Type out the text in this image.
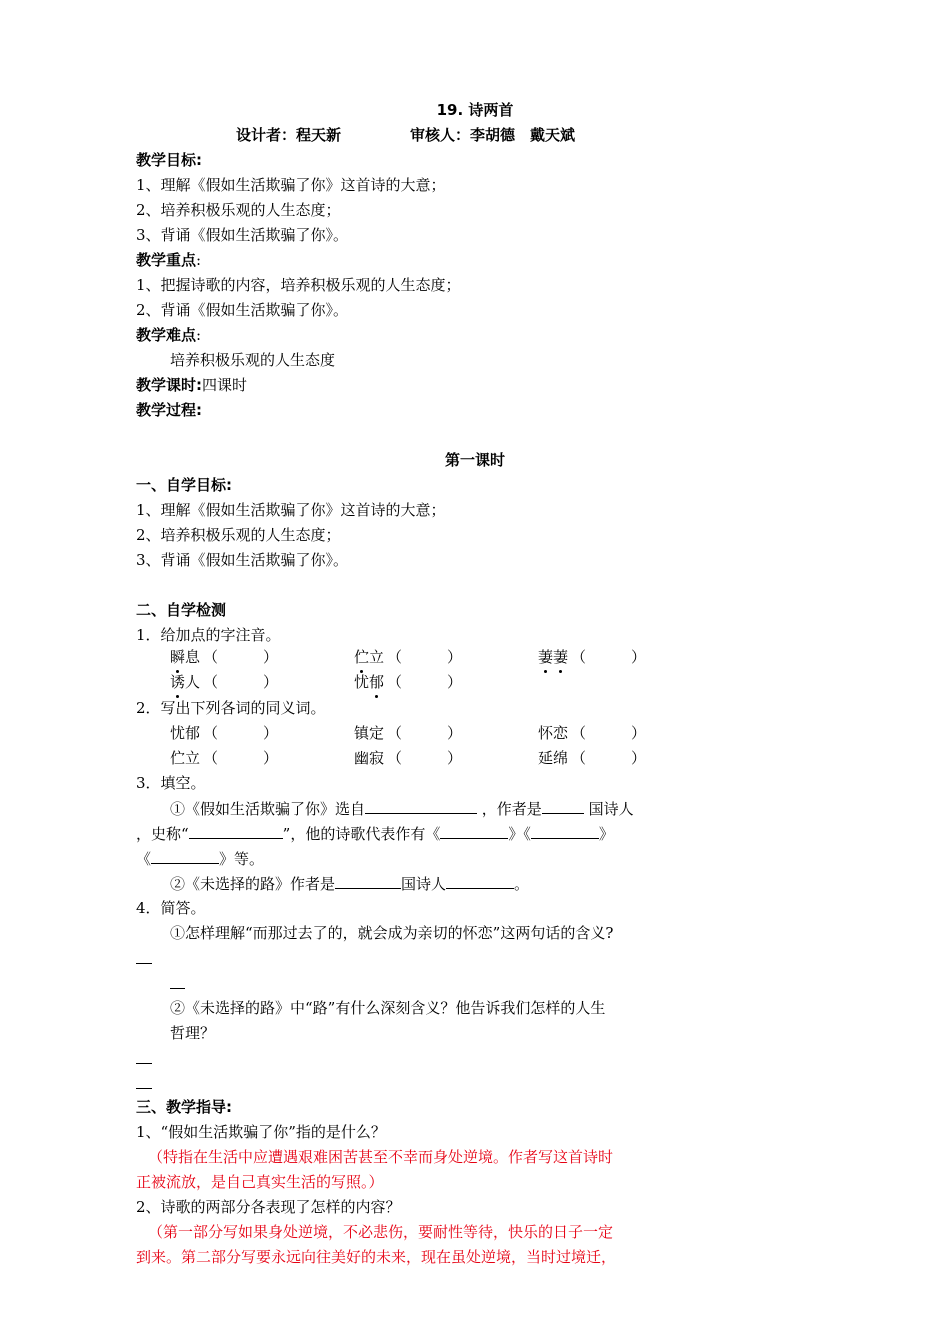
19. 诗两首
设计者：程天新	审核人：李胡德　戴天斌
教学目标:
1、理解《假如生活欺骗了你》这首诗的大意；
2、培养积极乐观的人生态度；
3、背诵《假如生活欺骗了你》。
教学重点:
1、把握诗歌的内容，培养积极乐观的人生态度；
2、背诵《假如生活欺骗了你》。
教学难点:
培养积极乐观的人生态度
教学课时:四课时
教学过程:
第一课时
一、自学目标:
1、理解《假如生活欺骗了你》这首诗的大意；
2、培养积极乐观的人生态度；
3、背诵《假如生活欺骗了你》。
二、自学检测
1．给加点的字注音。
瞬息 （　　　）	伫立 （　　　）	萋萋 （　　　）
诱人 （　　　）	忧郁 （　　　）
2．写出下列各词的同义词。
忧郁 （　　　）	镇定 （　　　）	怀恋 （　　　）
伫立 （　　　）	幽寂 （　　　）	延绵 （　　　）
3．填空。
①《假如生活欺骗了你》选自	，作者是	国诗人
，史称“	”，他的诗歌代表作有《	》《	》
《	》等。
②《未选择的路》作者是	国诗人	。
4．简答。
①怎样理解“而那过去了的，就会成为亲切的怀恋”这两句话的含义?
②《未选择的路》中“路”有什么深刻含义？他告诉我们怎样的人生
哲理？
三、教学指导:
1、“假如生活欺骗了你”指的是什么？
（特指在生活中应遭遇艰难困苦甚至不幸而身处逆境。作者写这首诗时
正被流放，是自己真实生活的写照。）
2、诗歌的两部分各表现了怎样的内容？
（第一部分写如果身处逆境，不必悲伤，要耐性等待，快乐的日子一定
到来。第二部分写要永远向往美好的未来，现在虽处逆境，当时过境迁，
